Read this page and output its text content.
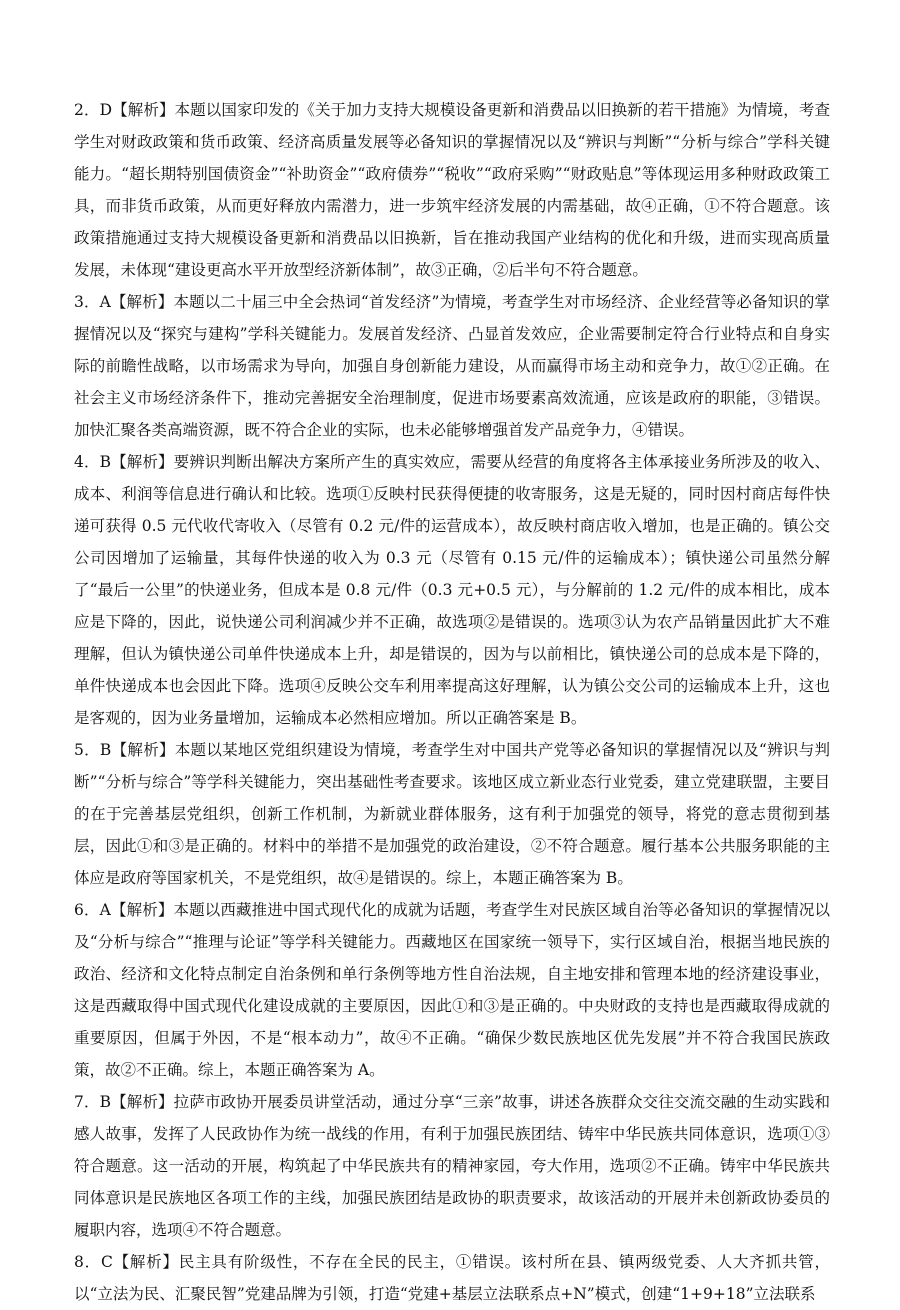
2．D【解析】本题以国家印发的《关于加力支持大规模设备更新和消费品以旧换新的若干措施》为情境，考查学生对财政政策和货币政策、经济高质量发展等必备知识的掌握情况以及“辨识与判断”“分析与综合”学科关键能力。“超长期特别国债资金”“补助资金”“政府债券”“税收”“政府采购”“财政贴息”等体现运用多种财政政策工具，而非货币政策，从而更好释放内需潜力，进一步筑牢经济发展的内需基础，故④正确，①不符合题意。该政策措施通过支持大规模设备更新和消费品以旧换新，旨在推动我国产业结构的优化和升级，进而实现高质量发展，未体现“建设更高水平开放型经济新体制”，故③正确，②后半句不符合题意。

3．A【解析】本题以二十届三中全会热词“首发经济”为情境，考查学生对市场经济、企业经营等必备知识的掌握情况以及“探究与建构”学科关键能力。发展首发经济、凸显首发效应，企业需要制定符合行业特点和自身实际的前瞻性战略，以市场需求为导向，加强自身创新能力建设，从而赢得市场主动和竞争力，故①②正确。在社会主义市场经济条件下，推动完善据安全治理制度，促进市场要素高效流通，应该是政府的职能，③错误。加快汇聚各类高端资源，既不符合企业的实际，也未必能够增强首发产品竞争力，④错误。

4．B【解析】要辨识判断出解决方案所产生的真实效应，需要从经营的角度将各主体承接业务所涉及的收入、成本、利润等信息进行确认和比较。选项①反映村民获得便捷的收寄服务，这是无疑的，同时因村商店每件快递可获得 0.5 元代收代寄收入（尽管有 0.2 元/件的运营成本），故反映村商店收入增加，也是正确的。镇公交公司因增加了运输量，其每件快递的收入为 0.3 元（尽管有 0.15 元/件的运输成本）；镇快递公司虽然分解了“最后一公里”的快递业务，但成本是 0.8 元/件（0.3 元+0.5 元），与分解前的 1.2 元/件的成本相比，成本应是下降的，因此，说快递公司利润减少并不正确，故选项②是错误的。选项③认为农产品销量因此扩大不难理解，但认为镇快递公司单件快递成本上升，却是错误的，因为与以前相比，镇快递公司的总成本是下降的，单件快递成本也会因此下降。选项④反映公交车利用率提高这好理解，认为镇公交公司的运输成本上升，这也是客观的，因为业务量增加，运输成本必然相应增加。所以正确答案是 B。

5．B【解析】本题以某地区党组织建设为情境，考查学生对中国共产党等必备知识的掌握情况以及“辨识与判断”“分析与综合”等学科关键能力，突出基础性考查要求。该地区成立新业态行业党委，建立党建联盟，主要目的在于完善基层党组织，创新工作机制，为新就业群体服务，这有利于加强党的领导，将党的意志贯彻到基层，因此①和③是正确的。材料中的举措不是加强党的政治建设，②不符合题意。履行基本公共服务职能的主体应是政府等国家机关，不是党组织，故④是错误的。综上，本题正确答案为 B。

6．A【解析】本题以西藏推进中国式现代化的成就为话题，考查学生对民族区域自治等必备知识的掌握情况以及“分析与综合”“推理与论证”等学科关键能力。西藏地区在国家统一领导下，实行区域自治，根据当地民族的政治、经济和文化特点制定自治条例和单行条例等地方性自治法规，自主地安排和管理本地的经济建设事业，这是西藏取得中国式现代化建设成就的主要原因，因此①和③是正确的。中央财政的支持也是西藏取得成就的重要原因，但属于外因，不是“根本动力”，故④不正确。“确保少数民族地区优先发展”并不符合我国民族政策，故②不正确。综上，本题正确答案为 A。

7．B【解析】拉萨市政协开展委员讲堂活动，通过分享“三亲”故事，讲述各族群众交往交流交融的生动实践和感人故事，发挥了人民政协作为统一战线的作用，有利于加强民族团结、铸牢中华民族共同体意识，选项①③符合题意。这一活动的开展，构筑起了中华民族共有的精神家园，夸大作用，选项②不正确。铸牢中华民族共同体意识是民族地区各项工作的主线，加强民族团结是政协的职责要求，故该活动的开展并未创新政协委员的履职内容，选项④不符合题意。

8．C【解析】民主具有阶级性，不存在全民的民主，①错误。该村所在县、镇两级党委、人大齐抓共管，以“立法为民、汇聚民智”党建品牌为引领，打造“党建+基层立法联系点+N”模式，创建“1+9+18”立法联系
